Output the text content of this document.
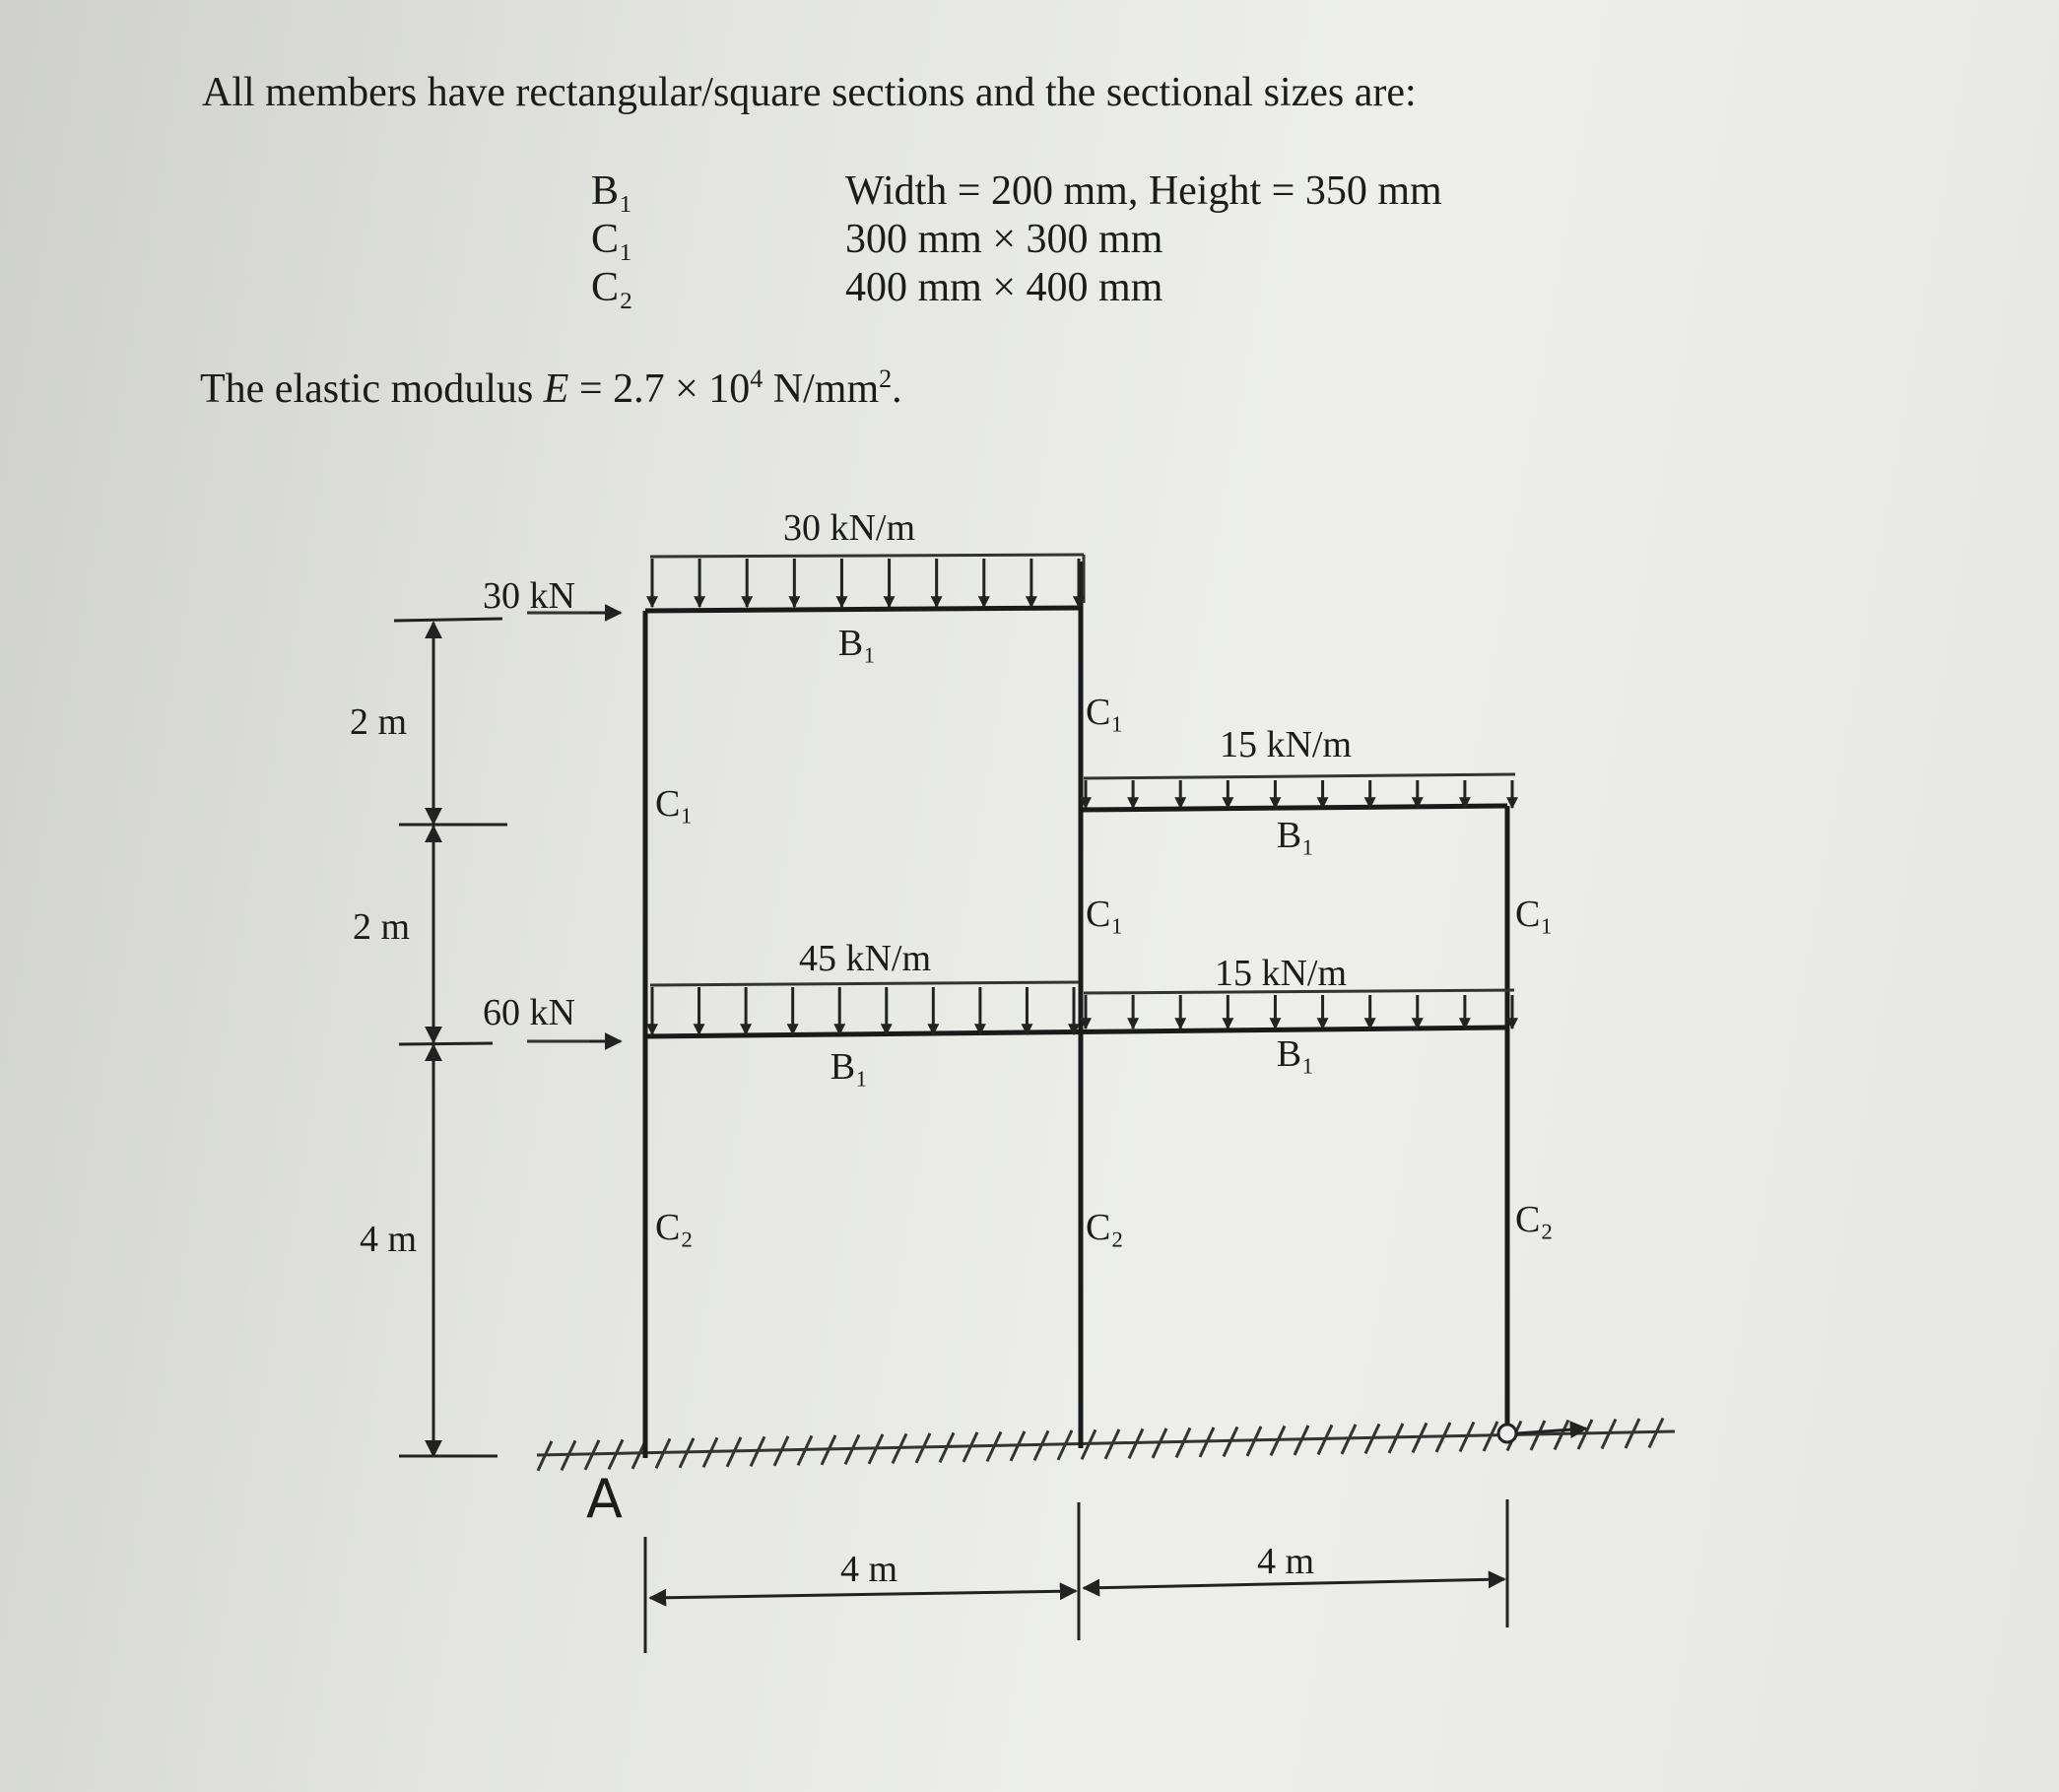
All members have rectangular/square sections and the sectional sizes are:
B₁	Width = 200 mm, Height = 350 mm
C₁	300 mm × 300 mm
C₂	400 mm × 400 mm
The elastic modulus $E = 2.7 \times 10^4$ $N/mm^2$.
30 kN/m
30 kN
60 kN
45 kN/m
15 kN/m
15 kN/m
B₁
B₁
B₁
B₁
C₁
C₂
C₁
C₁
C₂
C₁
C₂
2 m
2 m
4 m
4 m	4 m
A
